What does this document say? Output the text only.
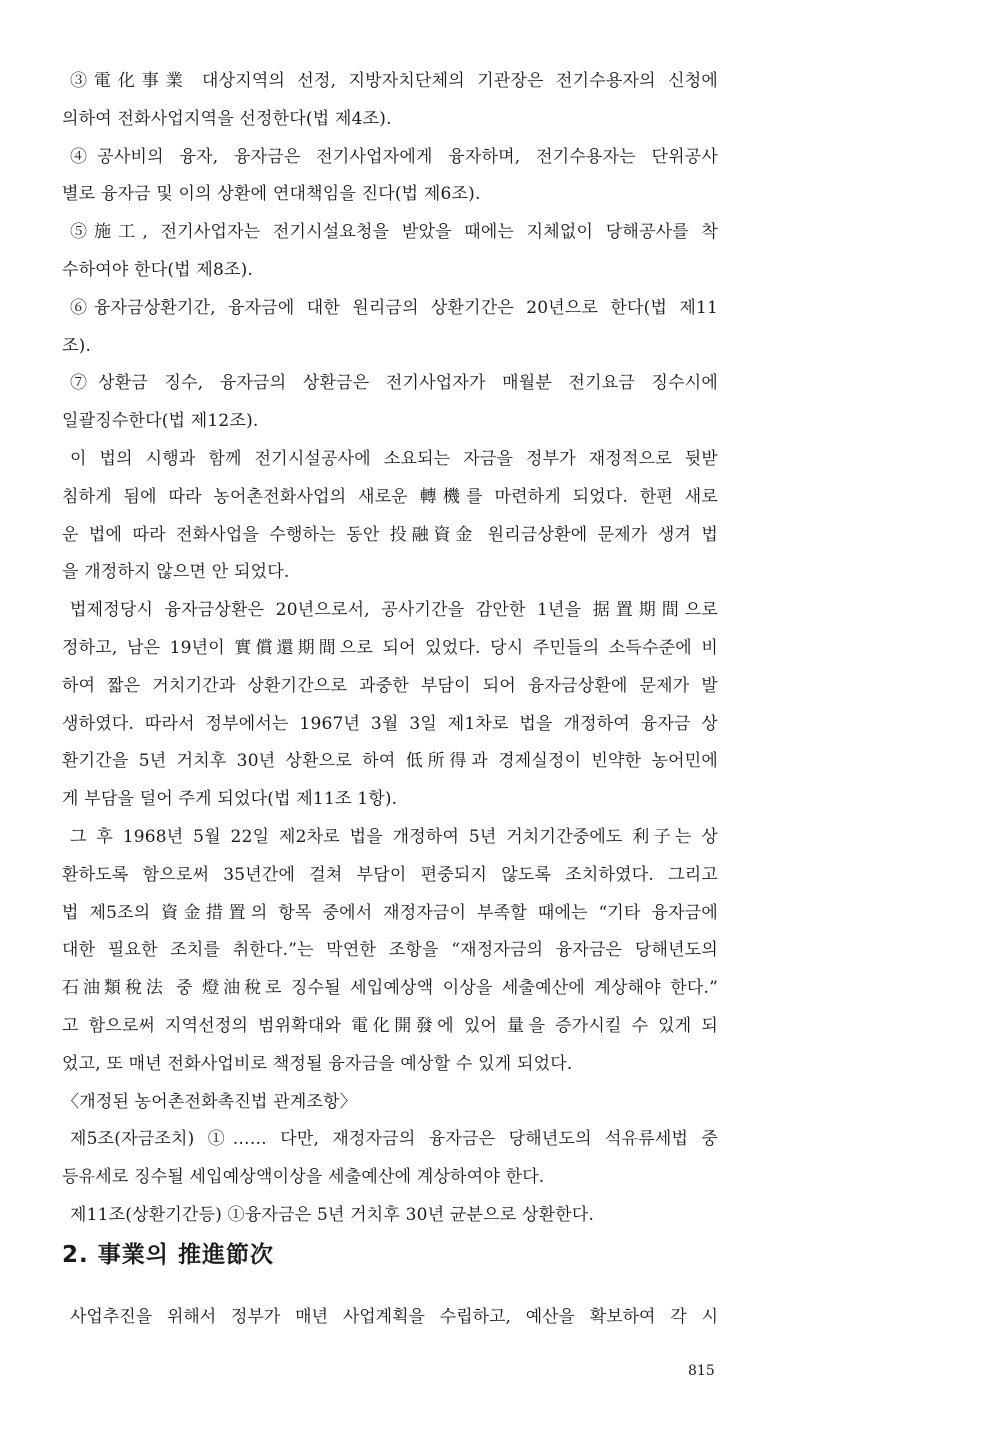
③電化事業 대상지역의 선정, 지방자치단체의 기관장은 전기수용자의 신청에
의하여 전화사업지역을 선정한다(법 제4조).
④공사비의 융자, 융자금은 전기사업자에게 융자하며, 전기수용자는 단위공사
별로 융자금 및 이의 상환에 연대책임을 진다(법 제6조).
⑤施工, 전기사업자는 전기시설요청을 받았을 때에는 지체없이 당해공사를 착
수하여야 한다(법 제8조).
⑥융자금상환기간, 융자금에 대한 원리금의 상환기간은 20년으로 한다(법 제11
조).
⑦상환금 징수, 융자금의 상환금은 전기사업자가 매월분 전기요금 징수시에
일괄징수한다(법 제12조).
이 법의 시행과 함께 전기시설공사에 소요되는 자금을 정부가 재정적으로 뒷받
침하게 됨에 따라 농어촌전화사업의 새로운 轉機를 마련하게 되었다. 한편 새로
운 법에 따라 전화사업을 수행하는 동안 投融資金 원리금상환에 문제가 생겨 법
을 개정하지 않으면 안 되었다.
법제정당시 융자금상환은 20년으로서, 공사기간을 감안한 1년을 据置期間으로
정하고, 남은 19년이 實償還期間으로 되어 있었다. 당시 주민들의 소득수준에 비
하여 짧은 거치기간과 상환기간으로 과중한 부담이 되어 융자금상환에 문제가 발
생하였다. 따라서 정부에서는 1967년 3월 3일 제1차로 법을 개정하여 융자금 상
환기간을 5년 거치후 30년 상환으로 하여 低所得과 경제실정이 빈약한 농어민에
게 부담을 덜어 주게 되었다(법 제11조 1항).
그 후 1968년 5월 22일 제2차로 법을 개정하여 5년 거치기간중에도 利子는 상
환하도록 함으로써 35년간에 걸쳐 부담이 편중되지 않도록 조치하였다. 그리고
법 제5조의 資金措置의 항목 중에서 재정자금이 부족할 때에는 “기타 융자금에
대한 필요한 조치를 취한다.”는 막연한 조항을 “재정자금의 융자금은 당해년도의
石油類稅法 중 燈油稅로 징수될 세입예상액 이상을 세출예산에 계상해야 한다.”
고 함으로써 지역선정의 범위확대와 電化開發에 있어 量을 증가시킬 수 있게 되
었고, 또 매년 전화사업비로 책정될 융자금을 예상할 수 있게 되었다.
〈개정된 농어촌전화촉진법 관계조항〉
제5조(자금조치) ①…… 다만, 재정자금의 융자금은 당해년도의 석유류세법 중
등유세로 징수될 세입예상액이상을 세출예산에 계상하여야 한다.
제11조(상환기간등) ①융자금은 5년 거치후 30년 균분으로 상환한다.
2. 事業의 推進節次
사업추진을 위해서 정부가 매년 사업계획을 수립하고, 예산을 확보하여 각 시
815
